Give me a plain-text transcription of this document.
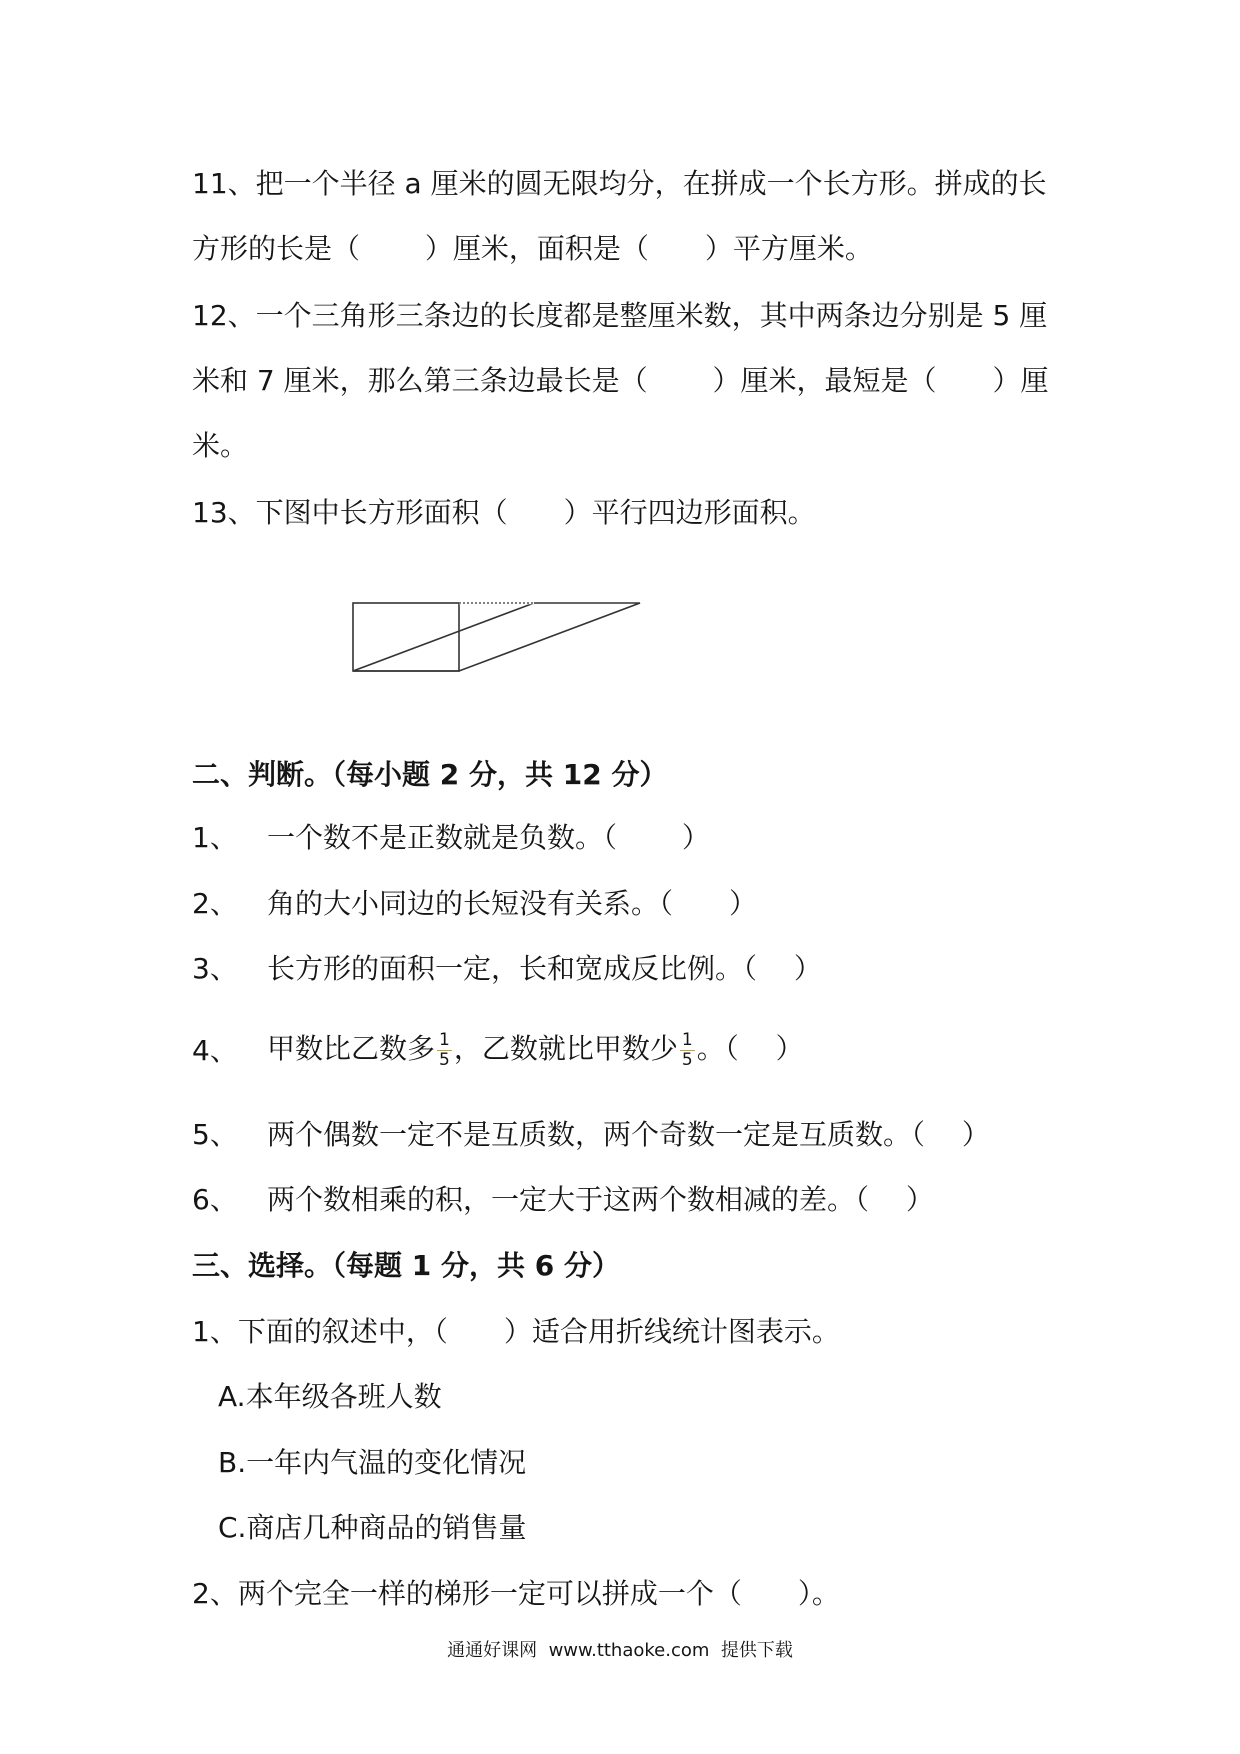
11、把一个半径 a 厘米的圆无限均分，在拼成一个长方形。拼成的长
方形的长是（　　 ）厘米，面积是（　　）平方厘米。
12、一个三角形三条边的长度都是整厘米数，其中两条边分别是 5 厘
米和 7 厘米，那么第三条边最长是（　　 ）厘米，最短是（　　）厘
米。
13、下图中长方形面积（　　）平行四边形面积。
二、判断。（每小题 2 分，共 12 分）
1、 一个数不是正数就是负数。（　　 ）
2、 角的大小同边的长短没有关系。（　　）
3、 长方形的面积一定，长和宽成反比例。（　 ）
4、 甲数比乙数多 $\frac{1}{5}$ ，乙数就比甲数少 $\frac{1}{5}$ 。（　 ）
5、 两个偶数一定不是互质数，两个奇数一定是互质数。（　 ）
6、 两个数相乘的积，一定大于这两个数相减的差。（　 ）
三、选择。（每题 1 分，共 6 分）
1、下面的叙述中，（　　）适合用折线统计图表示。
A.本年级各班人数
B.一年内气温的变化情况
C.商店几种商品的销售量
2、两个完全一样的梯形一定可以拼成一个（　　）。
通通好课网  www.tthaoke.com  提供下载
